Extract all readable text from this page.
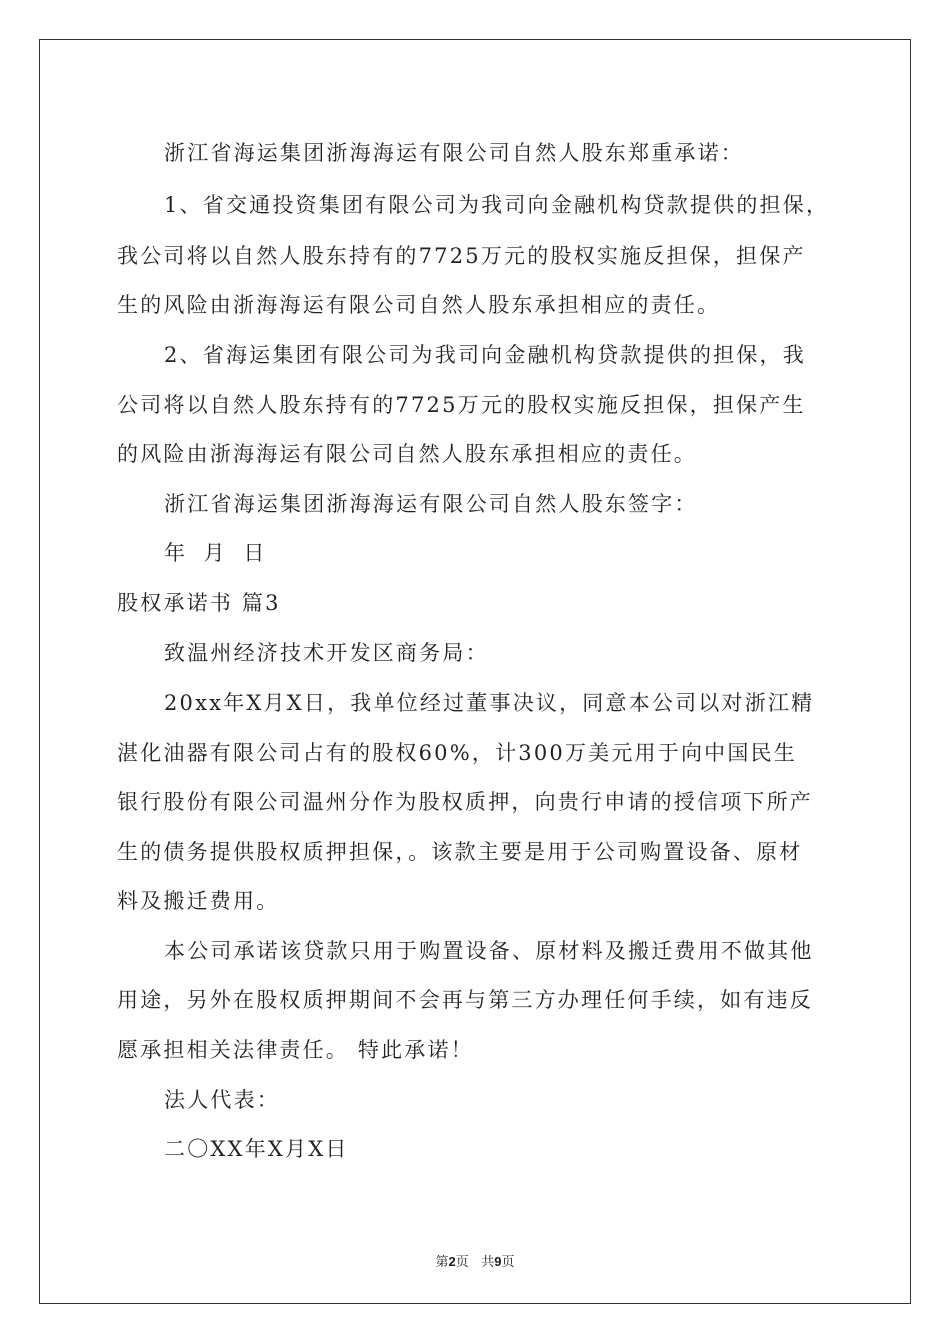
浙江省海运集团浙海海运有限公司自然人股东郑重承诺：
1、省交通投资集团有限公司为我司向金融机构贷款提供的担保，
我公司将以自然人股东持有的7725万元的股权实施反担保，担保产
生的风险由浙海海运有限公司自然人股东承担相应的责任。
2、省海运集团有限公司为我司向金融机构贷款提供的担保，我
公司将以自然人股东持有的7725万元的股权实施反担保，担保产生
的风险由浙海海运有限公司自然人股东承担相应的责任。
浙江省海运集团浙海海运有限公司自然人股东签字：
年 月 日
股权承诺书 篇3
致温州经济技术开发区商务局：
20xx年X月X日，我单位经过董事决议，同意本公司以对浙江精
湛化油器有限公司占有的股权60%，计300万美元用于向中国民生
银行股份有限公司温州分作为股权质押，向贵行申请的授信项下所产
生的债务提供股权质押担保，。该款主要是用于公司购置设备、原材
料及搬迁费用。
本公司承诺该贷款只用于购置设备、原材料及搬迁费用不做其他
用途，另外在股权质押期间不会再与第三方办理任何手续，如有违反
愿承担相关法律责任。 特此承诺！
法人代表：
二〇XX年X月X日
第2页 共9页
